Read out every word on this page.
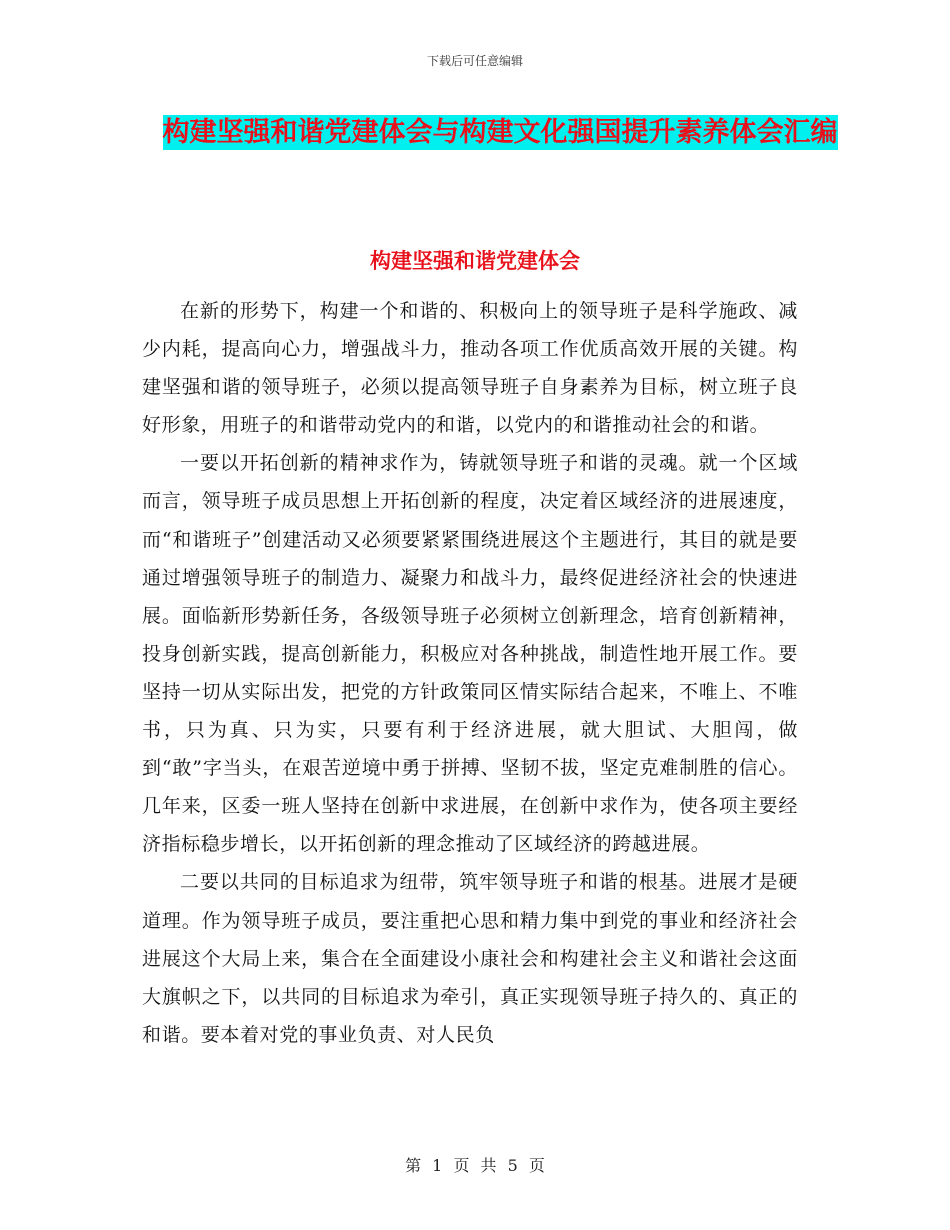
下载后可任意编辑
构建坚强和谐党建体会与构建文化强国提升素养体会汇编
构建坚强和谐党建体会

在新的形势下，构建一个和谐的、积极向上的领导班子是科学施政、减少内耗，提高向心力，增强战斗力，推动各项工作优质高效开展的关键。构建坚强和谐的领导班子，必须以提高领导班子自身素养为目标，树立班子良好形象，用班子的和谐带动党内的和谐，以党内的和谐推动社会的和谐。

一要以开拓创新的精神求作为，铸就领导班子和谐的灵魂。就一个区域而言，领导班子成员思想上开拓创新的程度，决定着区域经济的进展速度，而“和谐班子”创建活动又必须要紧紧围绕进展这个主题进行，其目的就是要通过增强领导班子的制造力、凝聚力和战斗力，最终促进经济社会的快速进展。面临新形势新任务，各级领导班子必须树立创新理念，培育创新精神，投身创新实践，提高创新能力，积极应对各种挑战，制造性地开展工作。要坚持一切从实际出发，把党的方针政策同区情实际结合起来，不唯上、不唯书，只为真、只为实，只要有利于经济进展，就大胆试、大胆闯，做到“敢”字当头，在艰苦逆境中勇于拼搏、坚韧不拔，坚定克难制胜的信心。几年来，区委一班人坚持在创新中求进展，在创新中求作为，使各项主要经济指标稳步增长，以开拓创新的理念推动了区域经济的跨越进展。

二要以共同的目标追求为纽带，筑牢领导班子和谐的根基。进展才是硬道理。作为领导班子成员，要注重把心思和精力集中到党的事业和经济社会进展这个大局上来，集合在全面建设小康社会和构建社会主义和谐社会这面大旗帜之下，以共同的目标追求为牵引，真正实现领导班子持久的、真正的和谐。要本着对党的事业负责、对人民负

第 1 页 共 5 页
